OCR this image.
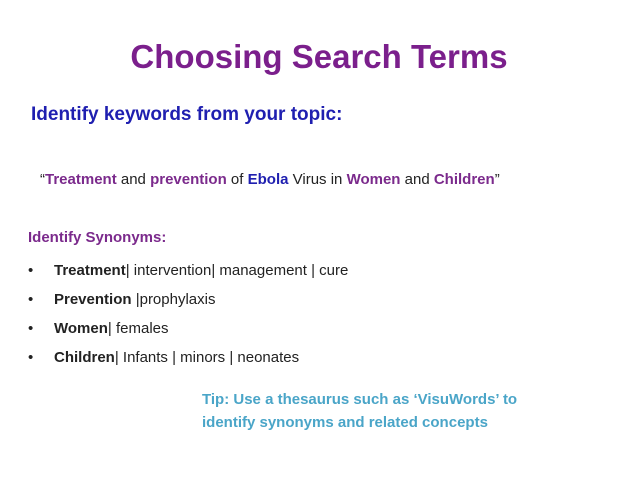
Choosing Search Terms
Identify keywords from your topic:

“Treatment and prevention of Ebola Virus in Women and Children”

Identify Synonyms:
• Treatment| intervention| management | cure
• Prevention |prophylaxis
• Women| females
• Children| Infants | minors | neonates

Tip: Use a thesaurus such as ‘VisuWords’ to
identify synonyms and related concepts
